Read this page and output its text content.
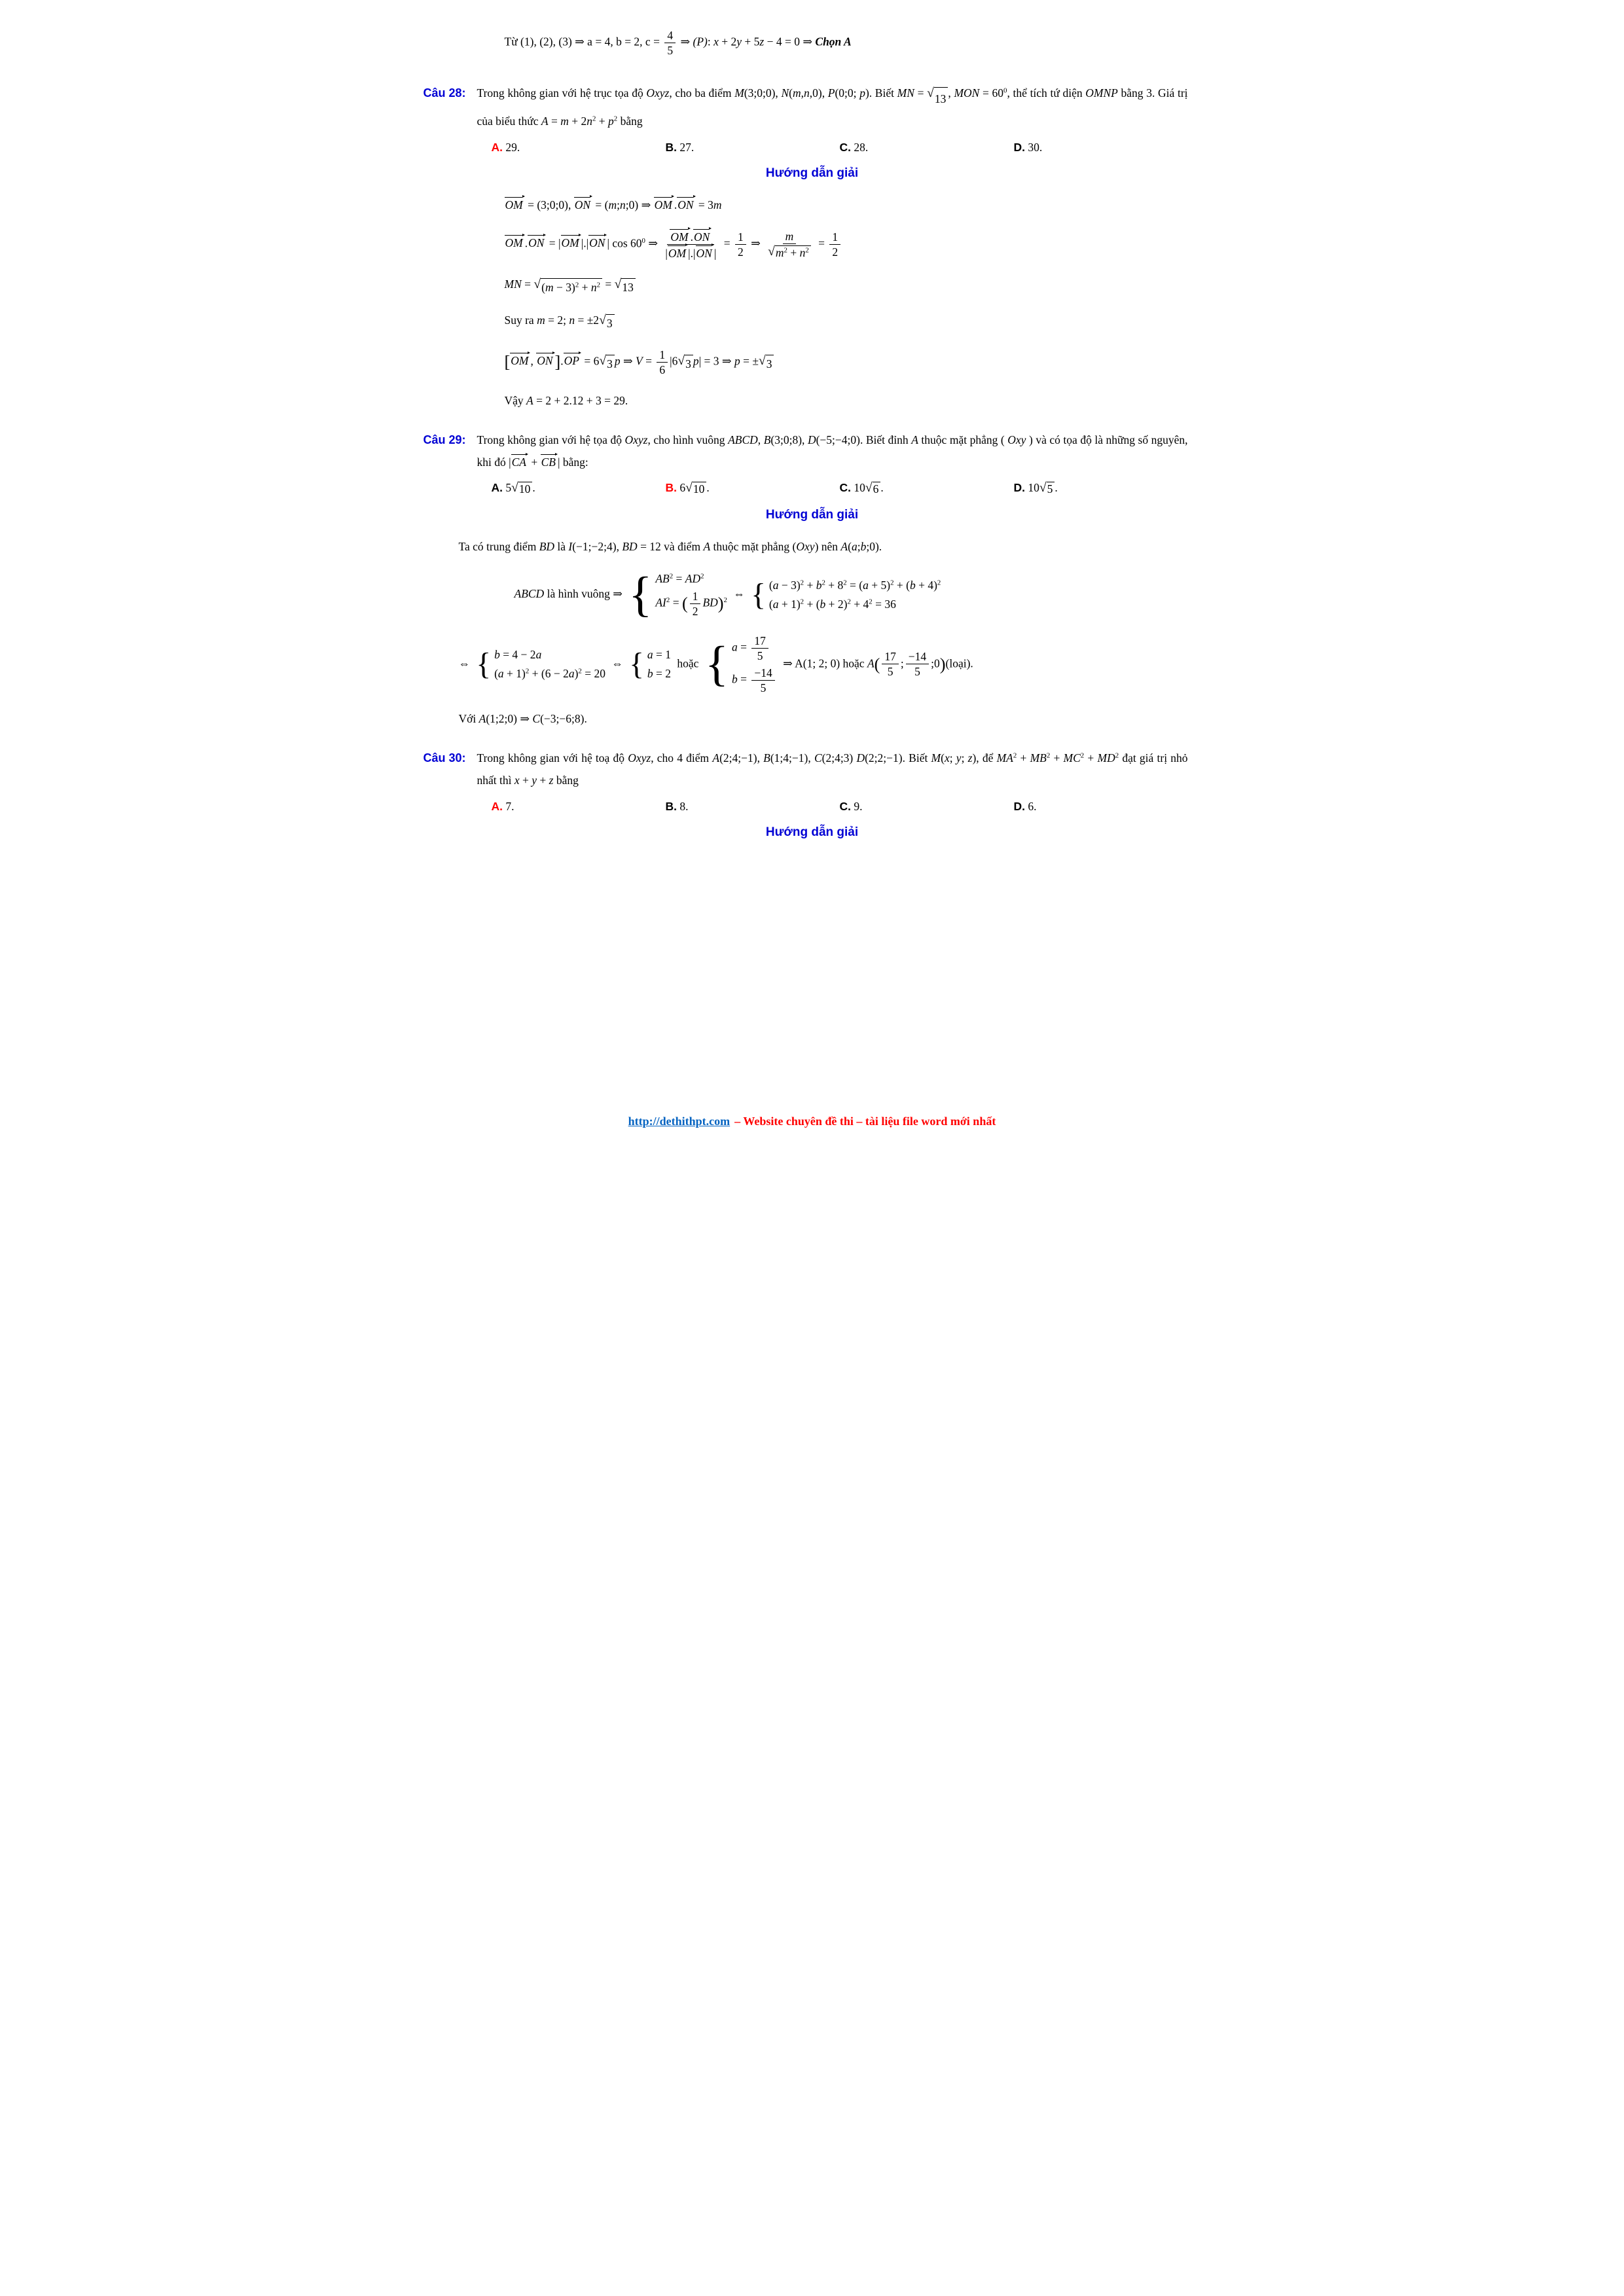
Từ (1), (2), (3) ⇒ a = 4, b = 2, $c = \frac{4}{5}$ ⇒ (P): x + 2y + 5z − 4 = 0 ⇒ Chọn A
Câu 28: Trong không gian với hệ trục tọa độ Oxyz, cho ba điểm M(3;0;0), N(m,n,0), P(0;0; p). Biết MN = √ 13 , MON = $60^0$, thể tích tứ diện OMNP bằng 3. Giá trị của biểu thức $A = m + 2n^2 + p^2$ bằng
A. 29.	B. 27.	C. 28.	D. 30.
Hướng dẫn giải
OM = (3;0;0), ON = (m;n;0) ⇒ OM .ON = 3m
OM .ON = |OM |.|ON | $\cos 60^0$ ⇒ $\frac{OM .ON}{|OM |.|ON |} = \frac{1}{2}$ ⇒ $\frac{m}{√ m^2 + n^2} = \frac{1}{2}$
MN = √ $(m - 3)^2 + n^2$ = √ 13
Suy ra m = 2; n = ±2 √ 3
[OM , ON ].OP = 6 √ 3 p ⇒ $V = \frac{1}{6} |6$ √ 3 p| = 3 ⇒ p = ± √ 3
Vậy A = 2 + 2.12 + 3 = 29.
Câu 29: Trong không gian với hệ tọa độ Oxyz, cho hình vuông ABCD, B(3;0;8), D(−5;−4;0). Biết đỉnh A thuộc mặt phẳng ( Oxy ) và có tọa độ là những số nguyên, khi đó |CA + CB | bằng:
A. 5 √ 10 .	B. 6 √ 10 .	C. 10 √ 6 .	D. 10 √ 5 .
Hướng dẫn giải
Ta có trung điểm BD là I(−1;−2;4), BD = 12 và điểm A thuộc mặt phẳng (Oxy) nên A(a;b;0).
ABCD là hình vuông ⇒ { $AB^2 = AD^2$
$AI^2$ = ( $\frac{1}{2} BD)^2$
⇔ { $(a - 3)^2 + b^2 + 8^2 = (a + 5)^2 + (b + 4)^2$
$(a + 1)^2 + (b + 2)^2 + 4^2 = 36$
⇔ { b = 4 − 2a
$(a + 1)^2 + (6 - 2a)^2 = 20$
⇔ { a = 1
b = 2
hoặc { $a = \frac{17}{5}$
$b = \frac{-14}{5}$
⇒ A(1; 2; 0) hoặc $A( \frac{17}{5}$ ; $\frac{-14}{5}$ ;0)(loại).
Với A(1;2;0) ⇒ C(−3;−6;8).
Câu 30: Trong không gian với hệ toạ độ Oxyz, cho 4 điểm A(2;4;−1), B(1;4;−1), C(2;4;3) D(2;2;−1). Biết M(x; y; z), để $MA^2 + MB^2 + MC^2 + MD^2$ đạt giá trị nhỏ nhất thì x + y + z bằng
A. 7.	B. 8.	C. 9.	D. 6.
Hướng dẫn giải
http://dethithpt.com – Website chuyên đề thi – tài liệu file word mới nhất
